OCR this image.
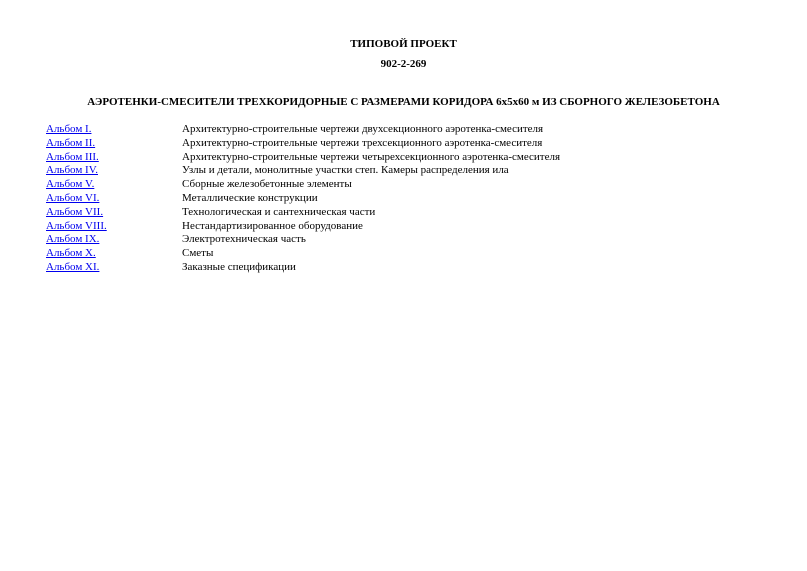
ТИПОВОЙ ПРОЕКТ
902-2-269
АЭРОТЕНКИ-СМЕСИТЕЛИ ТРЕХКОРИДОРНЫЕ С РАЗМЕРАМИ КОРИДОРА 6х5х60 м ИЗ СБОРНОГО ЖЕЛЕЗОБЕТОНА
Альбом I.	Архитектурно-строительные чертежи двухсекционного аэротенка-смесителя
Альбом II.	Архитектурно-строительные чертежи трехсекционного аэротенка-смесителя
Альбом III.	Архитектурно-строительные чертежи четырехсекционного аэротенка-смесителя
Альбом IV.	Узлы и детали, монолитные участки степ. Камеры распределения ила
Альбом V.	Сборные железобетонные элементы
Альбом VI.	Металлические конструкции
Альбом VII.	Технологическая и сантехническая части
Альбом VIII.	Нестандартизированное оборудование
Альбом IX.	Электротехническая часть
Альбом X.	Сметы
Альбом XI.	Заказные спецификации
